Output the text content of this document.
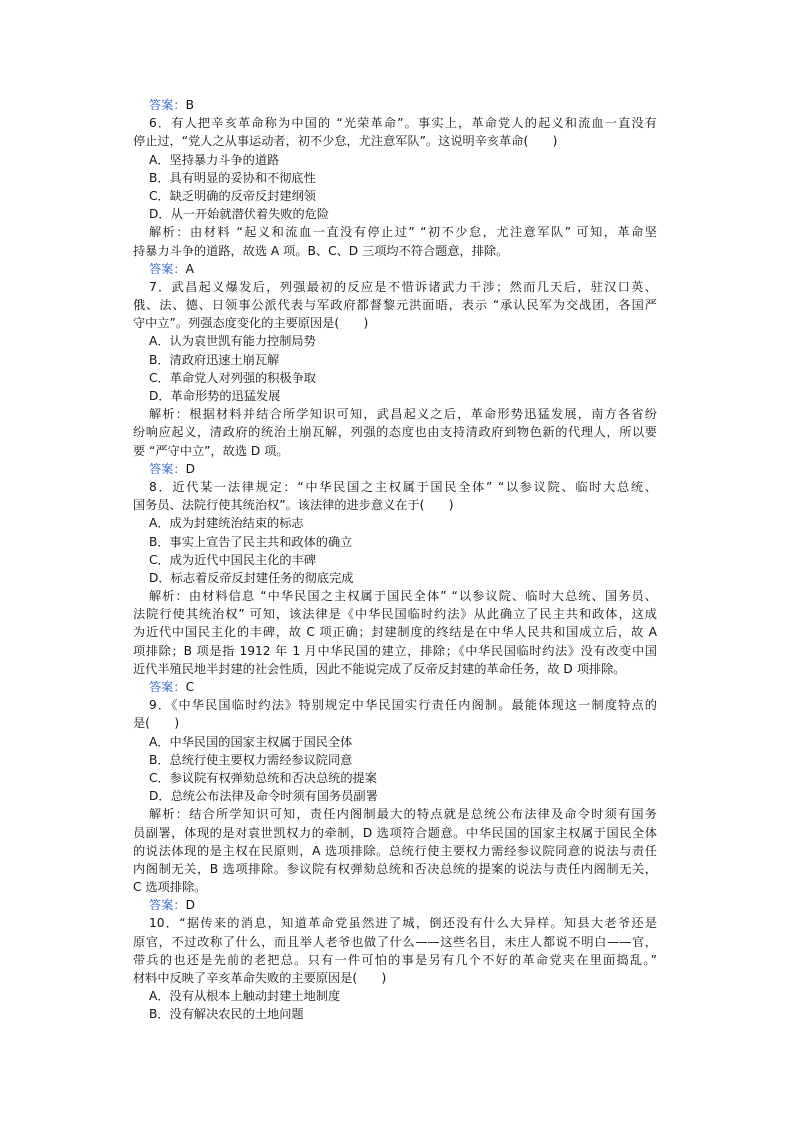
答案：B
6．有人把辛亥革命称为中国的 “光荣革命”。事实上，革命党人的起义和流血一直没有
停止过，“党人之从事运动者，初不少怠，尤注意军队”。这说明辛亥革命(　　)
A．坚持暴力斗争的道路
B．具有明显的妥协和不彻底性
C．缺乏明确的反帝反封建纲领
D．从一开始就潜伏着失败的危险
解析：由材料 “起义和流血一直没有停止过” “初不少怠，尤注意军队” 可知，革命坚
持暴力斗争的道路，故选 A 项。B、C、D 三项均不符合题意，排除。
答案：A
7．武昌起义爆发后，列强最初的反应是不惜诉诸武力干涉；然而几天后，驻汉口英、
俄、法、德、日领事公派代表与军政府都督黎元洪面晤，表示 “承认民军为交战团，各国严
守中立”。列强态度变化的主要原因是(　　)
A．认为袁世凯有能力控制局势
B．清政府迅速土崩瓦解
C．革命党人对列强的积极争取
D．革命形势的迅猛发展
解析：根据材料并结合所学知识可知，武昌起义之后，革命形势迅猛发展，南方各省纷
纷响应起义，清政府的统治土崩瓦解，列强的态度也由支持清政府到物色新的代理人，所以要
要 “严守中立”，故选 D 项。
答案：D
8．近代某一法律规定：“中华民国之主权属于国民全体” “以参议院、临时大总统、
国务员、法院行使其统治权”。该法律的进步意义在于(　　)
A．成为封建统治结束的标志
B．事实上宣告了民主共和政体的确立
C．成为近代中国民主化的丰碑
D．标志着反帝反封建任务的彻底完成
解析：由材料信息 “中华民国之主权属于国民全体” “以参议院、临时大总统、国务员、
法院行使其统治权” 可知，该法律是《中华民国临时约法》从此确立了民主共和政体，这成
为近代中国民主化的丰碑，故 C 项正确；封建制度的终结是在中华人民共和国成立后，故 A
项排除；B 项是指 1912 年 1 月中华民国的建立，排除；《中华民国临时约法》没有改变中国
近代半殖民地半封建的社会性质，因此不能说完成了反帝反封建的革命任务，故 D 项排除。
答案：C
9．《中华民国临时约法》特别规定中华民国实行责任内阁制。最能体现这一制度特点的
是(　　)
A．中华民国的国家主权属于国民全体
B．总统行使主要权力需经参议院同意
C．参议院有权弹劾总统和否决总统的提案
D．总统公布法律及命令时须有国务员副署
解析：结合所学知识可知，责任内阁制最大的特点就是总统公布法律及命令时须有国务
员副署，体现的是对袁世凯权力的牵制，D 选项符合题意。中华民国的国家主权属于国民全体
的说法体现的是主权在民原则，A 选项排除。总统行使主要权力需经参议院同意的说法与责任
内阁制无关，B 选项排除。参议院有权弹劾总统和否决总统的提案的说法与责任内阁制无关，
C 选项排除。
答案：D
10．“据传来的消息，知道革命党虽然进了城，倒还没有什么大异样。知县大老爷还是
原官，不过改称了什么，而且举人老爷也做了什么——这些名目，未庄人都说不明白——官，
带兵的也还是先前的老把总。只有一件可怕的事是另有几个不好的革命党夹在里面捣乱。”
材料中反映了辛亥革命失败的主要原因是(　　)
A．没有从根本上触动封建土地制度
B．没有解决农民的土地问题
